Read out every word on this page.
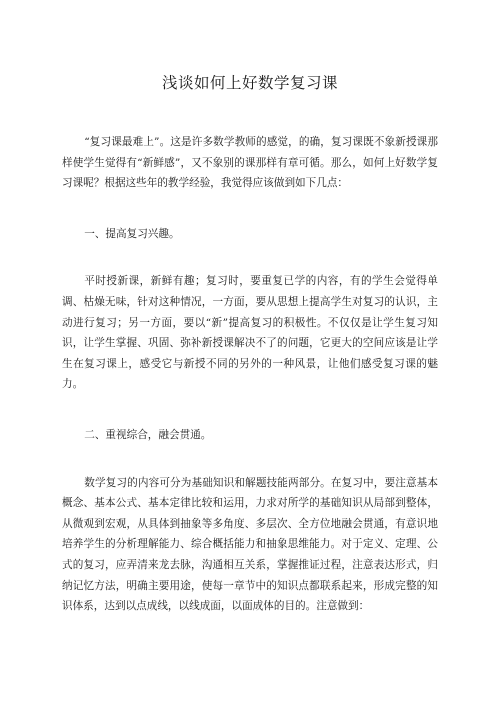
浅谈如何上好数学复习课

“复习课最难上”。这是许多数学教师的感觉，的确，复习课既不象新授课那样使学生觉得有“新鲜感”，又不象别的课那样有章可循。那么，如何上好数学复习课呢？根据这些年的教学经验，我觉得应该做到如下几点：

一、提高复习兴趣。

平时授新课，新鲜有趣；复习时，要重复已学的内容，有的学生会觉得单调、枯燥无味，针对这种情况，一方面，要从思想上提高学生对复习的认识，主动进行复习；另一方面，要以“新”提高复习的积极性。不仅仅是让学生复习知识，让学生掌握、巩固、弥补新授课解决不了的问题，它更大的空间应该是让学生在复习课上，感受它与新授不同的另外的一种风景，让他们感受复习课的魅力。

二、重视综合，融会贯通。

数学复习的内容可分为基础知识和解题技能两部分。在复习中，要注意基本概念、基本公式、基本定律比较和运用，力求对所学的基础知识从局部到整体，从微观到宏观，从具体到抽象等多角度、多层次、全方位地融会贯通，有意识地培养学生的分析理解能力、综合概括能力和抽象思维能力。对于定义、定理、公式的复习，应弄清来龙去脉，沟通相互关系，掌握推证过程，注意表达形式，归纳记忆方法，明确主要用途，使每一章节中的知识点都联系起来，形成完整的知识体系，达到以点成线，以线成面，以面成体的目的。注意做到：
